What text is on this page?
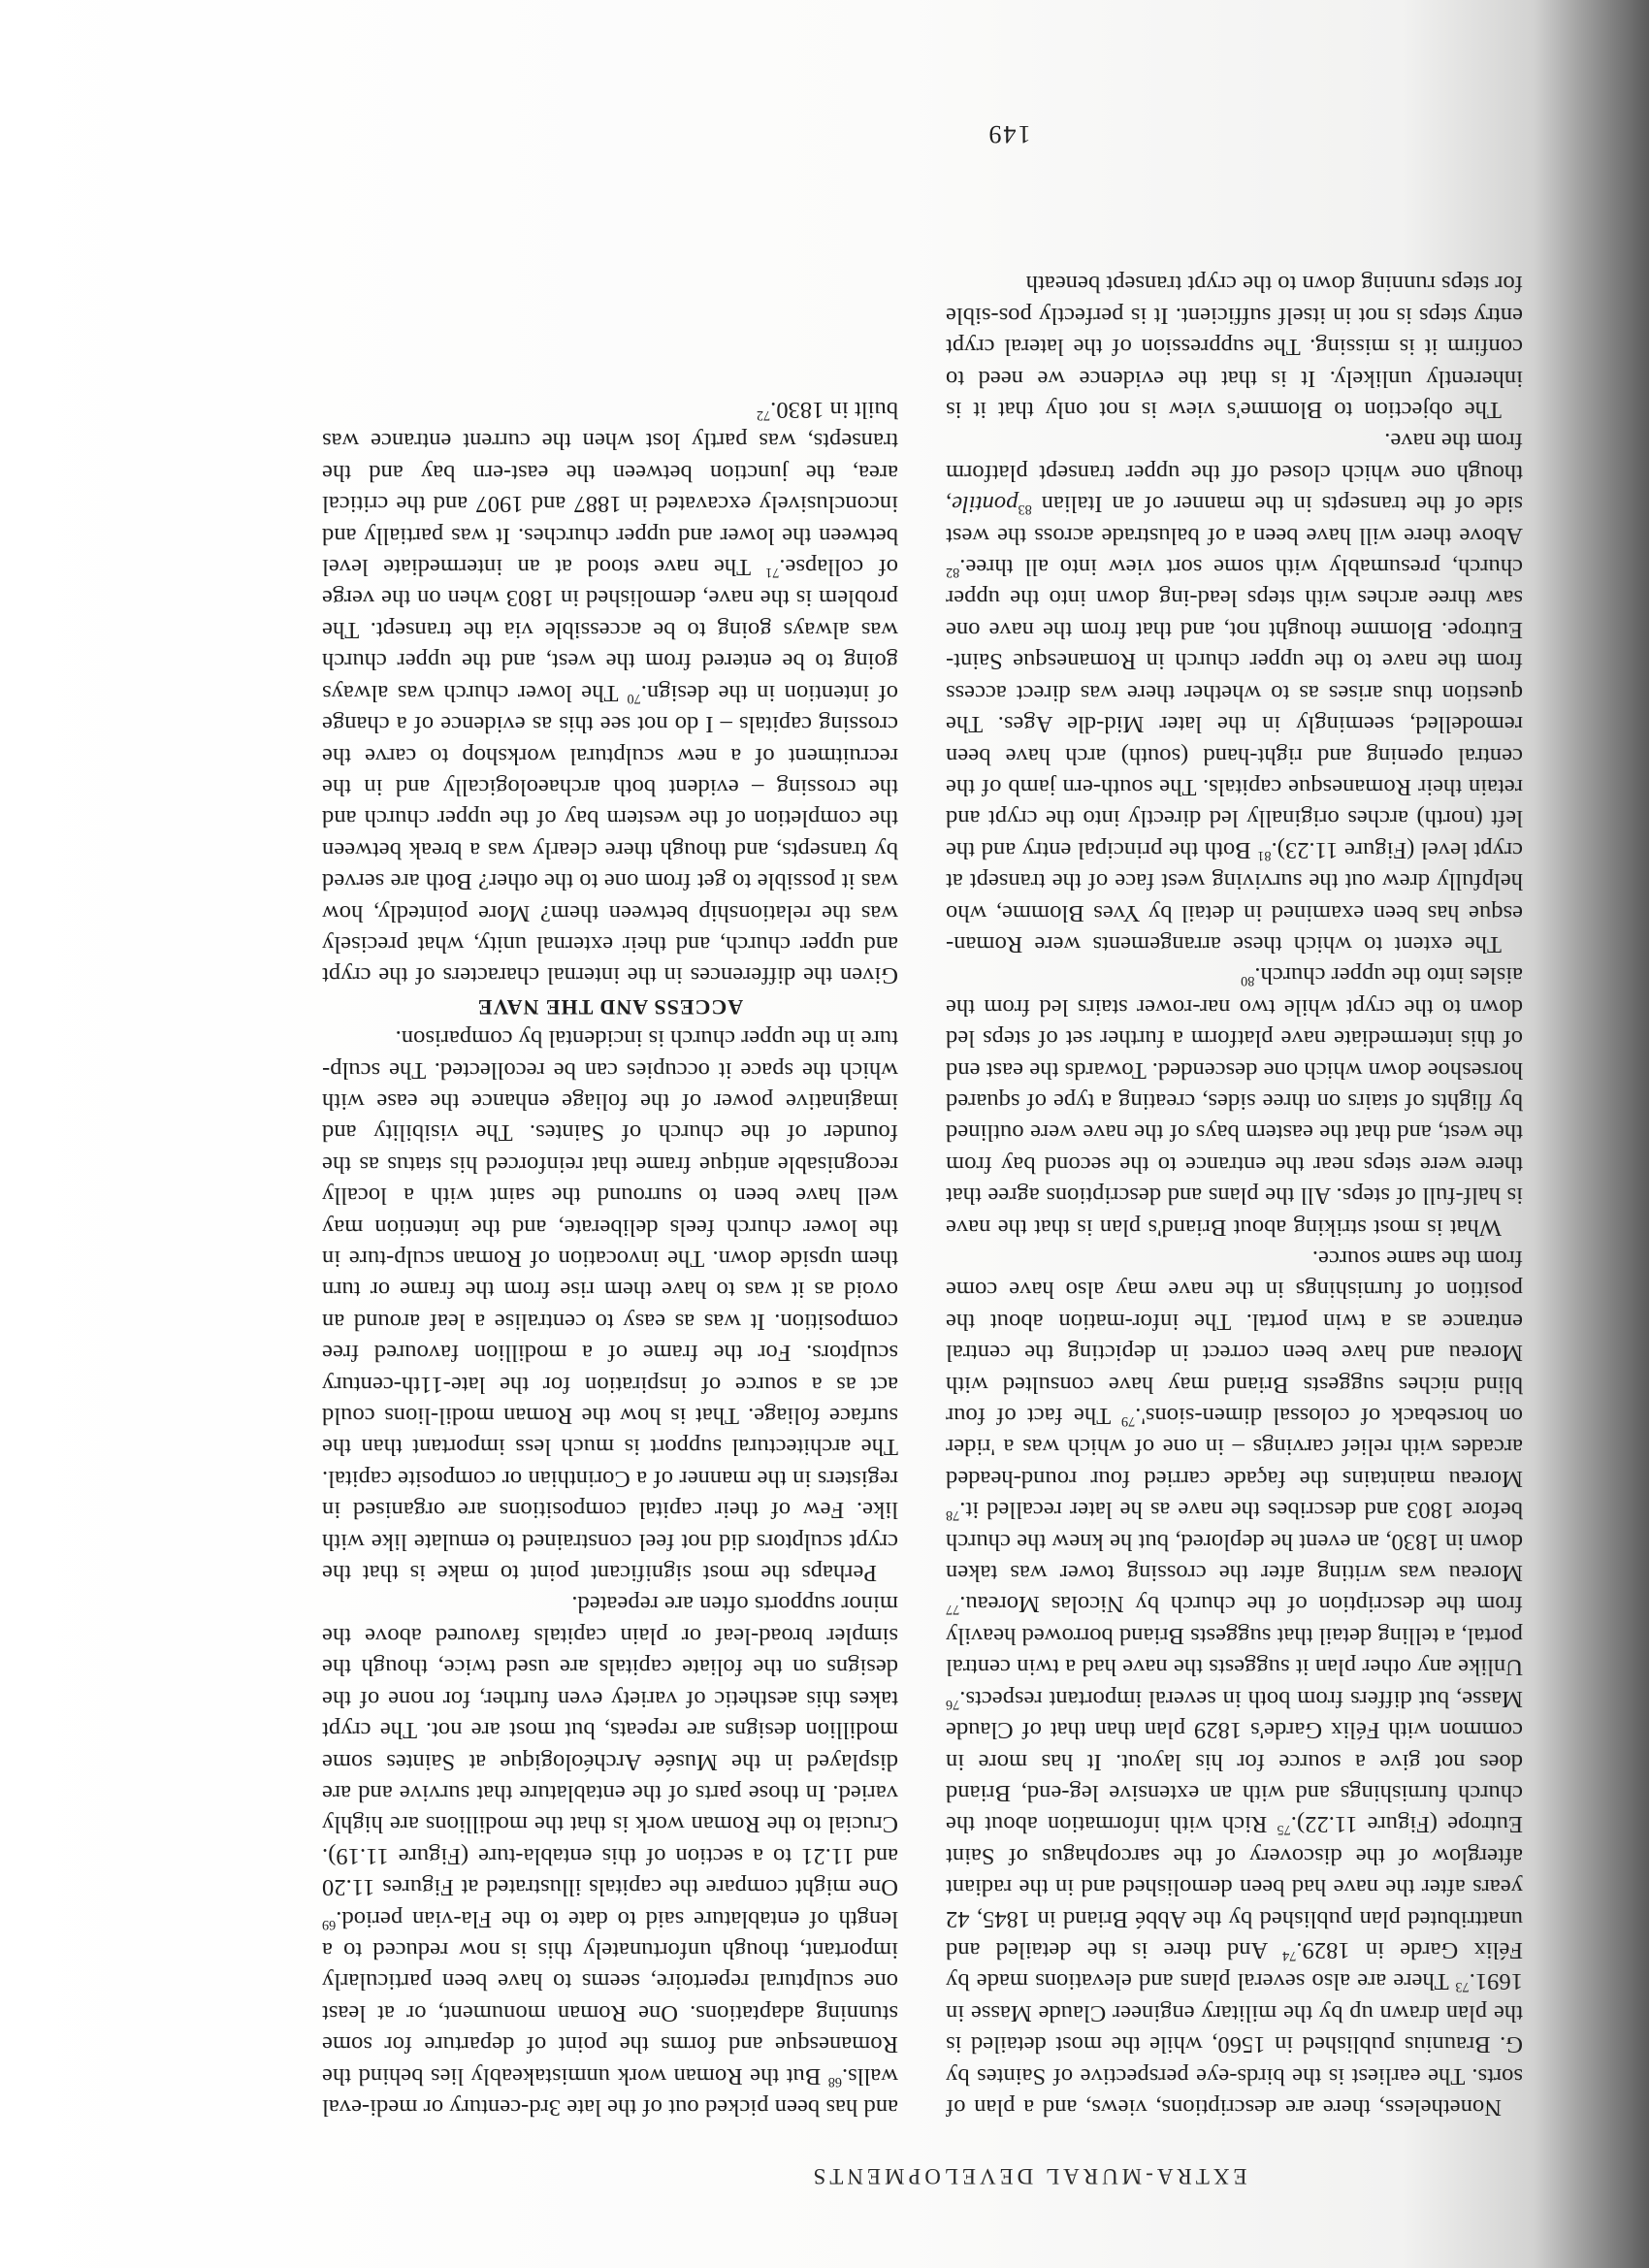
EXTRA-MURAL DEVELOPMENTS

Nonetheless, there are descriptions, views, and a plan of sorts. The earliest is the birds-eye perspective of Saintes by G. Braunius published in 1560, while the most detailed is the plan drawn up by the military engineer Claude Masse in 1691.73 There are also several plans and elevations made by Félix Garde in 1829.74 And there is the detailed and unattributed plan published by the Abbé Briand in 1845, 42 years after the nave had been demolished and in the radiant afterglow of the discovery of the sarcophagus of Saint Eutrope (Figure 11.22).$^{75}$ Rich with information about the church furnishings and with an extensive leg-end, Briand does not give a source for his layout. It has more in common with Félix Garde's 1829 plan than that of Claude Masse, but differs from both in several important respects.$^{76}$ Unlike any other plan it suggests the nave had a twin central portal, a telling detail that suggests Briand borrowed heavily from the description of the church by Nicolas Moreau.$^{77}$ Moreau was writing after the crossing tower was taken down in 1830, an event he deplored, but he knew the church before 1803 and describes the nave as he later recalled it.$^{78}$ Moreau maintains the façade carried four round-headed arcades with relief carvings – in one of which was a 'rider on horseback of colossal dimen-sions'.$^{79}$ The fact of four blind niches suggests Briand may have consulted with Moreau and have been correct in depicting the central entrance as a twin portal. The infor-mation about the position of furnishings in the nave may also have come from the same source.

What is most striking about Briand's plan is that the nave is half-full of steps. All the plans and descriptions agree that there were steps near the entrance to the second bay from the west, and that the eastern bays of the nave were outlined by flights of stairs on three sides, creating a type of squared horseshoe down which one descended. Towards the east end of this intermediate nave platform a further set of steps led down to the crypt while two nar-rower stairs led from the aisles into the upper church.$^{80}$

The extent to which these arrangements were Roman-esque has been examined in detail by Yves Blomme, who helpfully drew out the surviving west face of the transept at crypt level (Figure 11.23).$^{81}$ Both the principal entry and the left (north) arches originally led directly into the crypt and retain their Romanesque capitals. The south-ern jamb of the central opening and right-hand (south) arch have been remodelled, seemingly in the later Mid-dle Ages. The question thus arises as to whether there was direct access from the nave to the upper church in Romanesque Saint-Eutrope. Blomme thought not, and that from the nave one saw three arches with steps lead-ing down into the upper church, presumably with some sort view into all three.$^{82}$ Above there will have been a of balustrade across the west side of the transepts in the manner of an Italian $^{83}$pontile, though one which closed off the upper transept platform from the nave.

The objection to Blomme's view is not only that it is inherently unlikely. It is that the evidence we need to confirm it is missing. The suppression of the lateral crypt entry steps is not in itself sufficient. It is perfectly pos-sible for steps running down to the crypt transept beneath

and has been picked out of the late 3rd-century or medi-eval walls.$^{68}$ But the Roman work unmistakeably lies behind the Romanesque and forms the point of departure for some stunning adaptations. One Roman monument, or at least one sculptural repertoire, seems to have been particularly important, though unfortunately this is now reduced to a length of entablature said to date to the Fla-vian period.$^{69}$ One might compare the capitals illustrated at Figures 11.20 and 11.21 to a section of this entabla-ture (Figure 11.19). Crucial to the Roman work is that the modillions are highly varied. In those parts of the entablature that survive and are displayed in the Musée Archéologique at Saintes some modillion designs are repeats, but most are not. The crypt takes this aesthetic of variety even further, for none of the designs on the foliate capitals are used twice, though the simpler broad-leaf or plain capitals favoured above the minor supports often are repeated.

Perhaps the most significant point to make is that the crypt sculptors did not feel constrained to emulate like with like. Few of their capital compositions are organised in registers in the manner of a Corinthian or composite capital. The architectural support is much less important than the surface foliage. That is how the Roman modil-lions could act as a source of inspiration for the late-11th-century sculptors. For the frame of a modillion favoured free composition. It was as easy to centralise a leaf around an ovoid as it was to have them rise from the frame or turn them upside down. The invocation of Roman sculp-ture in the lower church feels deliberate, and the intention may well have been to surround the saint with a locally recognisable antique frame that reinforced his status as the founder of the church of Saintes. The visibility and imaginative power of the foliage enhance the ease with which the space it occupies can be recollected. The sculp-ture in the upper church is incidental by comparison.

ACCESS AND THE NAVE

Given the differences in the internal characters of the crypt and upper church, and their external unity, what precisely was the relationship between them? More pointedly, how was it possible to get from one to the other? Both are served by transepts, and though there clearly was a break between the completion of the western bay of the upper church and the crossing – evident both archaeologically and in the recruitment of a new sculptural workshop to carve the crossing capitals – I do not see this as evidence of a change of intention in the design.$^{70}$ The lower church was always going to be entered from the west, and the upper church was always going to be accessible via the transept. The problem is the nave, demolished in 1803 when on the verge of collapse.$^{71}$ The nave stood at an intermediate level between the lower and upper churches. It was partially and inconclusively excavated in 1887 and 1907 and the critical area, the junction between the east-ern bay and the transepts, was partly lost when the current entrance was built in 1830.72

149
